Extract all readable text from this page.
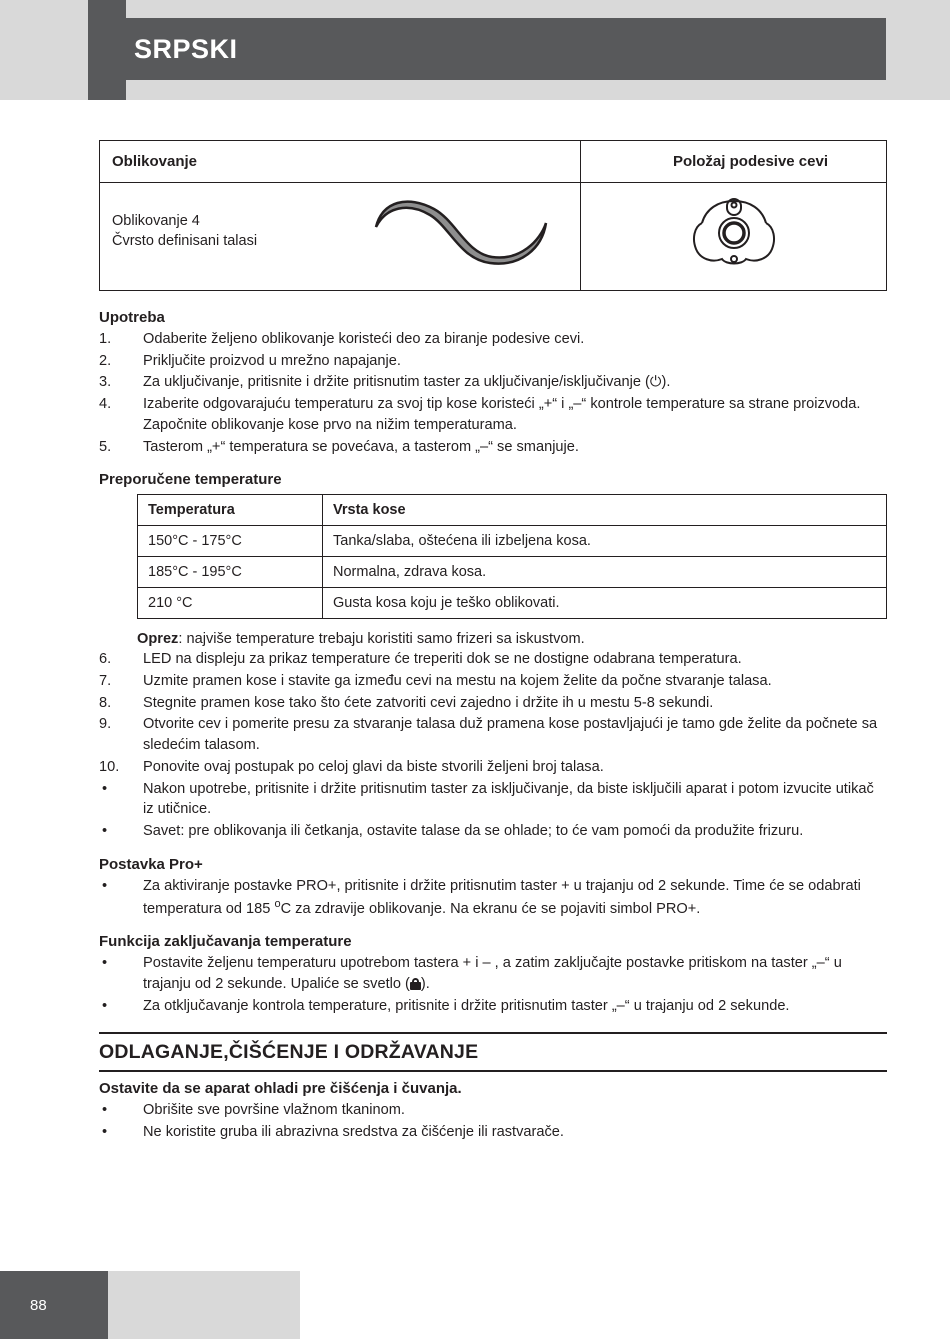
SRPSKI
Oblikovanje	Položaj podesive cevi

Oblikovanje 4
Čvrsto definisani talasi

Upotreba
1.	Odaberite željeno oblikovanje koristeći deo za biranje podesive cevi.
2.	Priključite proizvod u mrežno napajanje.
3.	Za uključivanje, pritisnite i držite pritisnutim taster za uključivanje/isključivanje (⏻).
4.	Izaberite odgovarajuću temperaturu za svoj tip kose koristeći „+“ i „–“ kontrole temperature sa strane proizvoda. Započnite oblikovanje kose prvo na nižim temperaturama.
5.	Tasterom „+“ temperatura se povećava, a tasterom „–“ se smanjuje.
Preporučene temperature
Temperatura	Vrsta kose
150°C - 175°C	Tanka/slaba, oštećena ili izbeljena kosa.
185°C - 195°C	Normalna, zdrava kosa.
210 °C	Gusta kosa koju je teško oblikovati.
Oprez: najviše temperature trebaju koristiti samo frizeri sa iskustvom.
6.	LED na displeju za prikaz temperature će treperiti dok se ne dostigne odabrana temperatura.
7.	Uzmite pramen kose i stavite ga između cevi na mestu na kojem želite da počne stvaranje talasa.
8.	Stegnite pramen kose tako što ćete zatvoriti cevi zajedno i držite ih u mestu 5-8 sekundi.
9.	Otvorite cev i pomerite presu za stvaranje talasa duž pramena kose postavljajući je tamo gde želite da počnete sa sledećim talasom.
10.	Ponovite ovaj postupak po celoj glavi da biste stvorili željeni broj talasa.
•	Nakon upotrebe, pritisnite i držite pritisnutim taster za isključivanje, da biste isključili aparat i potom izvucite utikač iz utičnice.
•	Savet: pre oblikovanja ili četkanja, ostavite talase da se ohlade; to će vam pomoći da produžite frizuru.
Postavka Pro+
•	Za aktiviranje postavke PRO+, pritisnite i držite pritisnutim taster + u trajanju od 2 sekunde. Time će se odabrati temperatura od 185 $^o$C za zdravije oblikovanje. Na ekranu će se pojaviti simbol PRO+.
Funkcija zaključavanja temperature
•	Postavite željenu temperaturu upotrebom tastera + i – , a zatim zaključajte postavke pritiskom na taster „–“ u trajanju od 2 sekunde. Upaliće se svetlo ( ).
•	Za otključavanje kontrola temperature, pritisnite i držite pritisnutim taster „–“ u trajanju od 2 sekunde.
ODLAGANJE,ČIŠĆENJE I ODRŽAVANJE
Ostavite da se aparat ohladi pre čišćenja i čuvanja.
•	Obrišite sve površine vlažnom tkaninom.
•	Ne koristite gruba ili abrazivna sredstva za čišćenje ili rastvarače.
88
